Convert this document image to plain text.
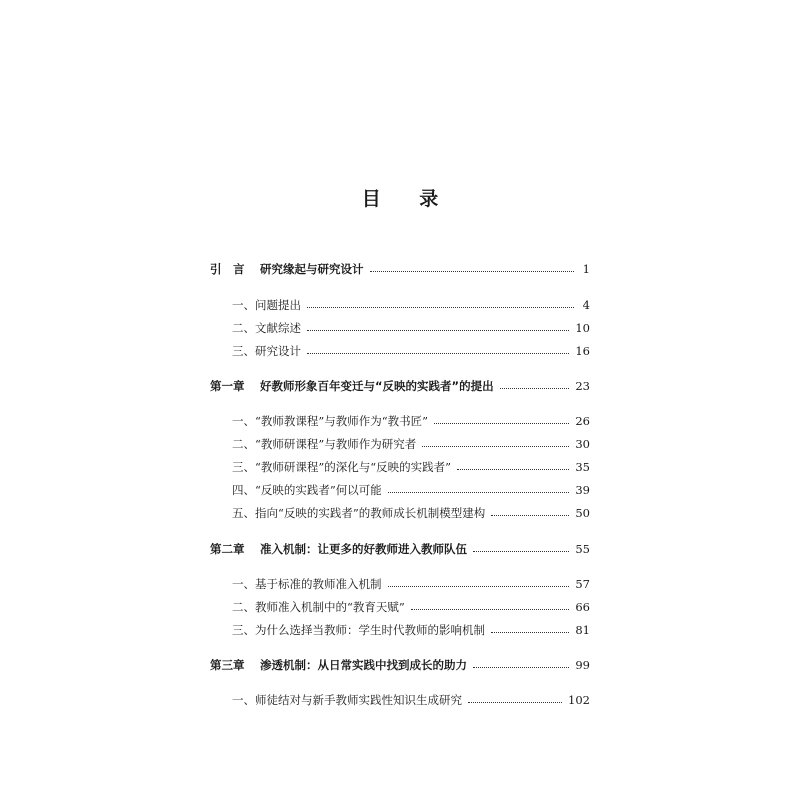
目 录
引　言	研究缘起与研究设计	1
一、问题提出	4
二、文献综述	10
三、研究设计	16
第一章	好教师形象百年变迁与“反映的实践者”的提出	23
一、“教师教课程”与教师作为“教书匠”	26
二、“教师研课程”与教师作为研究者	30
三、“教师研课程”的深化与“反映的实践者”	35
四、“反映的实践者”何以可能	39
五、指向“反映的实践者”的教师成长机制模型建构	50
第二章	准入机制：让更多的好教师进入教师队伍	55
一、基于标准的教师准入机制	57
二、教师准入机制中的“教育天赋”	66
三、为什么选择当教师：学生时代教师的影响机制	81
第三章	渗透机制：从日常实践中找到成长的助力	99
一、师徒结对与新手教师实践性知识生成研究	102
